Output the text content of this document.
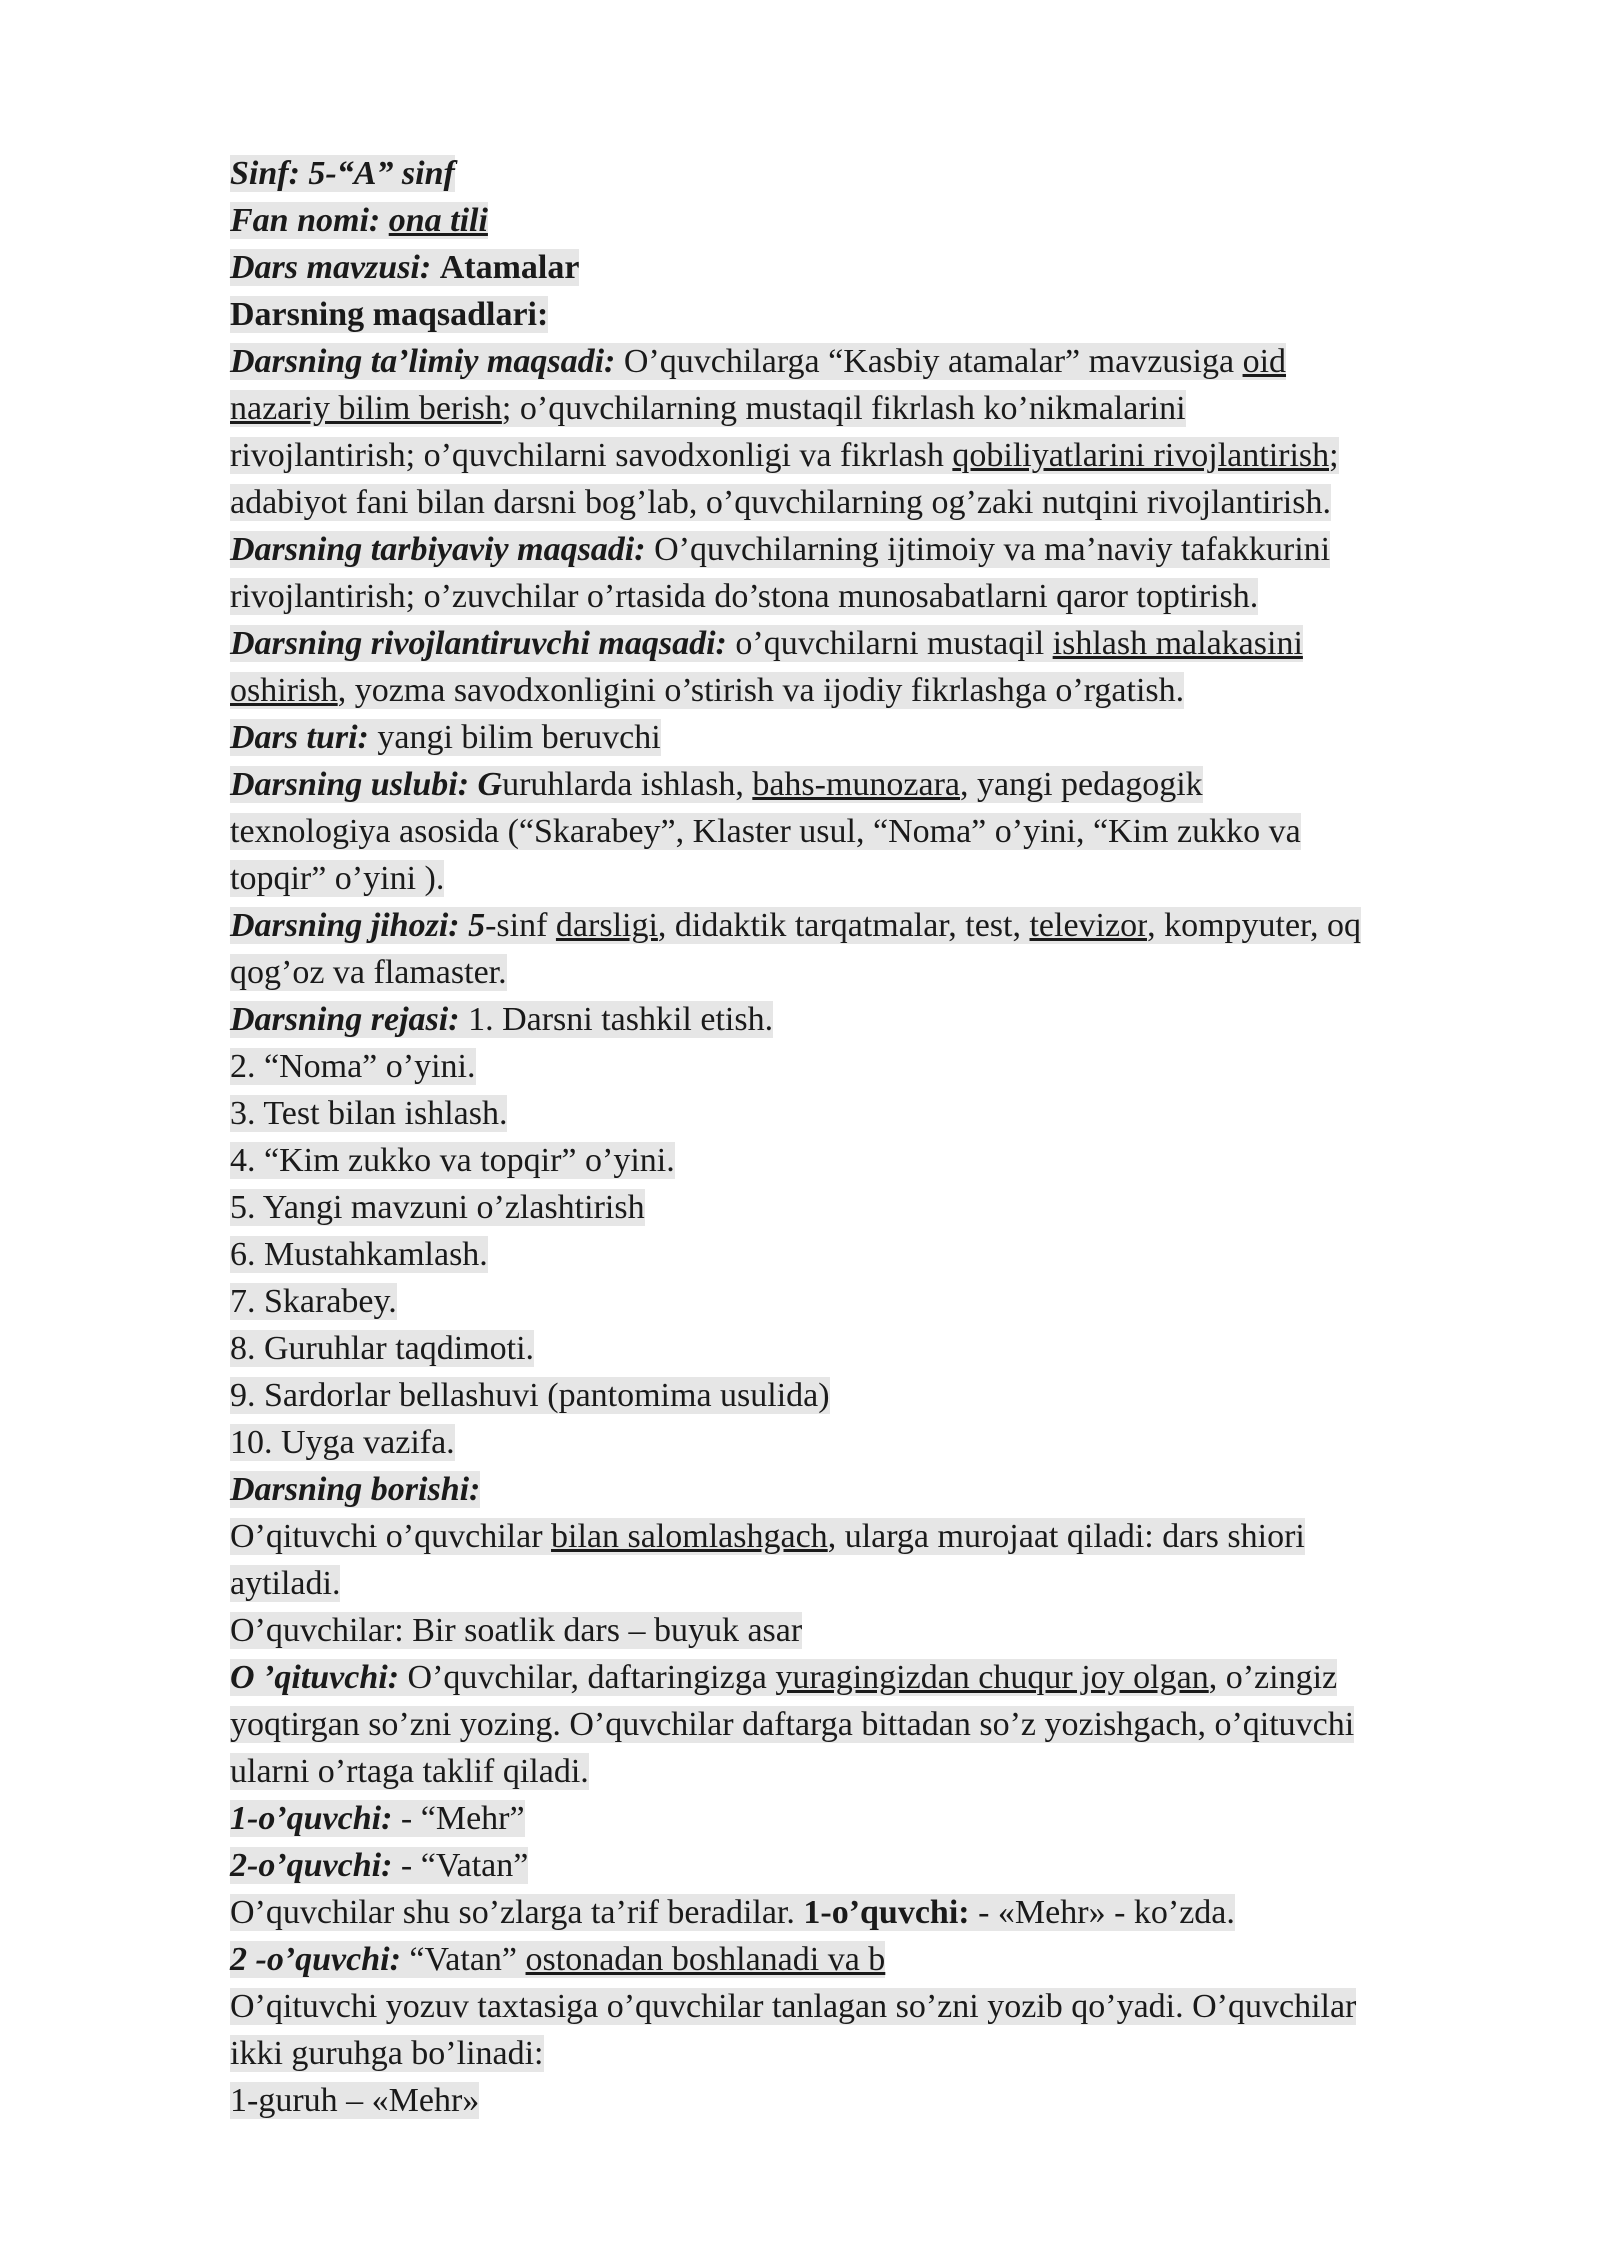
Sinf: 5-“A” sinf
Fan nomi: ona tili
Dars mavzusi: Atamalar
Darsning maqsadlari:
Darsning ta’limiy maqsadi: O’quvchilarga “Kasbiy atamalar” mavzusiga oid
nazariy bilim berish; o’quvchilarning mustaqil fikrlash ko’nikmalarini
rivojlantirish; o’quvchilarni savodxonligi va fikrlash qobiliyatlarini rivojlantirish;
adabiyot fani bilan darsni bog’lab, o’quvchilarning og’zaki nutqini rivojlantirish.
Darsning tarbiyaviy maqsadi: O’quvchilarning ijtimoiy va ma’naviy tafakkurini
rivojlantirish; o’zuvchilar o’rtasida do’stona munosabatlarni qaror toptirish.
Darsning rivojlantiruvchi maqsadi: o’quvchilarni mustaqil ishlash malakasini
oshirish, yozma savodxonligini o’stirish va ijodiy fikrlashga o’rgatish.
Dars turi: yangi bilim beruvchi
Darsning uslubi: Guruhlarda ishlash, bahs-munozara, yangi pedagogik
texnologiya asosida (“Skarabey”, Klaster usul, “Noma” o’yini, “Kim zukko va
topqir” o’yini ).
Darsning jihozi: 5-sinf darsligi, didaktik tarqatmalar, test, televizor, kompyuter, oq
qog’oz va flamaster.
Darsning rejasi: 1. Darsni tashkil etish.
2. “Noma” o’yini.
3. Test bilan ishlash.
4. “Kim zukko va topqir” o’yini.
5. Yangi mavzuni o’zlashtirish
6. Mustahkamlash.
7. Skarabey.
8. Guruhlar taqdimoti.
9. Sardorlar bellashuvi (pantomima usulida)
10. Uyga vazifa.
Darsning borishi:
O’qituvchi o’quvchilar bilan salomlashgach, ularga murojaat qiladi: dars shiori
aytiladi.
O’quvchilar: Bir soatlik dars – buyuk asar
O ’qituvchi: O’quvchilar, daftaringizga yuragingizdan chuqur joy olgan, o’zingiz
yoqtirgan so’zni yozing. O’quvchilar daftarga bittadan so’z yozishgach, o’qituvchi
ularni o’rtaga taklif qiladi.
1-o’quvchi: - “Mehr”
2-o’quvchi: - “Vatan”
O’quvchilar shu so’zlarga ta’rif beradilar. 1-o’quvchi: - «Mehr» - ko’zda.
2 -o’quvchi: “Vatan” ostonadan boshlanadi va b
O’qituvchi yozuv taxtasiga o’quvchilar tanlagan so’zni yozib qo’yadi. O’quvchilar
ikki guruhga bo’linadi:
1-guruh – «Mehr»
